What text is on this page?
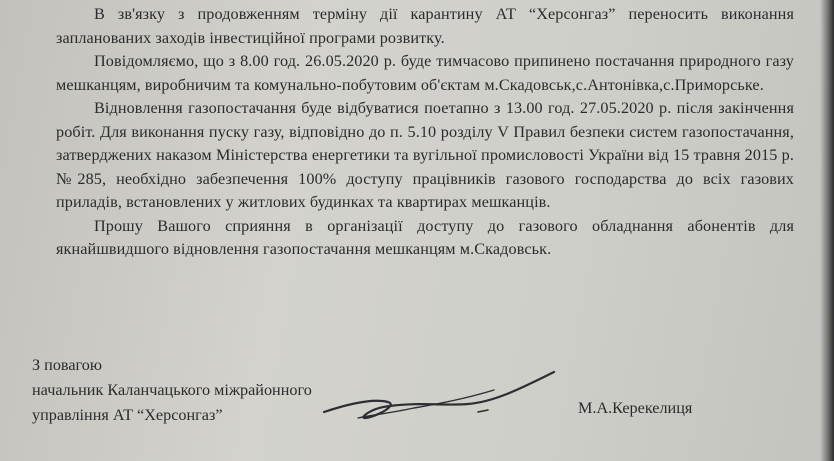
В зв'язку з продовженням терміну дії карантину АТ “Херсонгаз” переносить виконання запланованих заходів інвестиційної програми розвитку.

Повідомляємо, що з 8.00 год. 26.05.2020 р. буде тимчасово припинено постачання природного газу мешканцям, виробничим та комунально-побутовим об'єктам м.Скадовськ,с.Антонівка,с.Приморське.

Відновлення газопостачання буде відбуватися поетапно з 13.00 год. 27.05.2020 р. після закінчення робіт. Для виконання пуску газу, відповідно до п. 5.10 розділу V Правил безпеки систем газопостачання, затверджених наказом Міністерства енергетики та вугільної промисловості України від 15 травня 2015 р. №285, необхідно забезпечення 100% доступу працівників газового господарства до всіх газових приладів, встановлених у житлових будинках та квартирах мешканців.

Прошу Вашого сприяння в організації доступу до газового обладнання абонентів для якнайшвидшого відновлення газопостачання мешканцям м.Скадовськ.

З повагою
начальник Каланчацького міжрайонного
управління АТ “Херсонгаз”	М.А.Керекелиця
